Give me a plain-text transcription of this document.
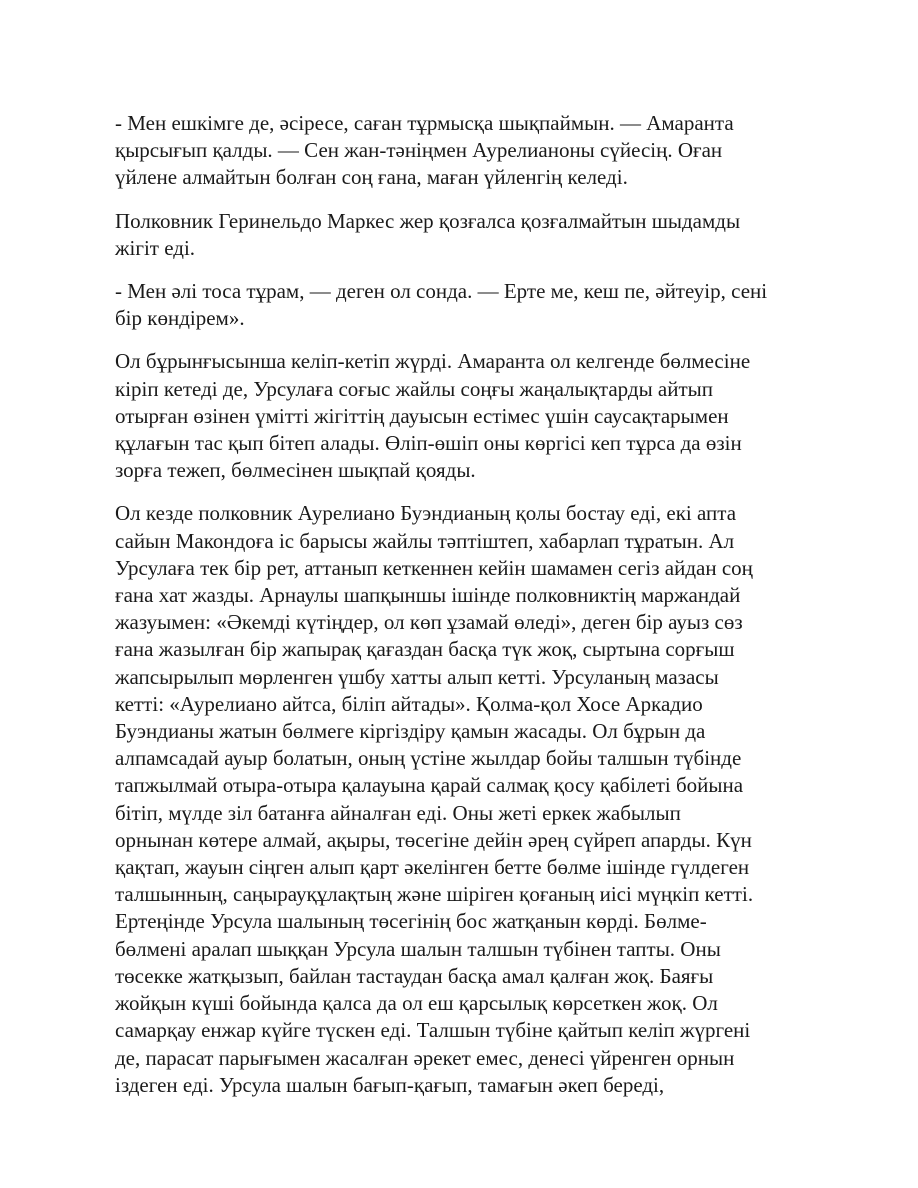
- Мен ешкімге де, әсіресе, саған тұрмысқа шықпаймын. — Амаранта
қырсығып қалды. — Сен жан-тәніңмен Аурелианоны сүйесің. Оған
үйлене алмайтын болған соң ғана, маған үйленгің келеді.

Полковник Геринельдо Маркес жер қозғалса қозғалмайтын шыдамды
жігіт еді.

- Мен әлі тоса тұрам, — деген ол сонда. — Ерте ме, кеш пе, әйтеуір, сені
бір көндірем».

Ол бұрынғысынша келіп-кетіп жүрді. Амаранта ол келгенде бөлмесіне
кіріп кетеді де, Урсулаға соғыс жайлы соңғы жаңалықтарды айтып
отырған өзінен үмітті жігіттің дауысын естімес үшін саусақтарымен
құлағын тас қып бітеп алады. Өліп-өшіп оны көргісі кеп тұрса да өзін
зорға тежеп, бөлмесінен шықпай қояды.

Ол кезде полковник Аурелиано Буэндианың қолы бостау еді, екі апта
сайын Макондоға іс барысы жайлы тәптіштеп, хабарлап тұратын. Ал
Урсулаға тек бір рет, аттанып кеткеннен кейін шамамен сегіз айдан соң
ғана хат жазды. Арнаулы шапқыншы ішінде полковниктің маржандай
жазуымен: «Әкемді күтіңдер, ол көп ұзамай өледі», деген бір ауыз сөз
ғана жазылған бір жапырақ қағаздан басқа түк жоқ, сыртына сорғыш
жапсырылып мөрленген үшбу хатты алып кетті. Урсуланың мазасы
кетті: «Аурелиано айтса, біліп айтады». Қолма-қол Хосе Аркадио
Буэндианы жатын бөлмеге кіргіздіру қамын жасады. Ол бұрын да
алпамсадай ауыр болатын, оның үстіне жылдар бойы талшын түбінде
тапжылмай отыра-отыра қалауына қарай салмақ қосу қабілеті бойына
бітіп, мүлде зіл батанға айналған еді. Оны жеті еркек жабылып
орнынан көтере алмай, ақыры, төсегіне дейін әрең сүйреп апарды. Күн
қақтап, жауын сіңген алып қарт әкелінген бетте бөлме ішінде гүлдеген
талшынның, саңырауқұлақтың және шіріген қоғаның иісі мүңкіп кетті.
Ертеңінде Урсула шалының төсегінің бос жатқанын көрді. Бөлме-
бөлмені аралап шыққан Урсула шалын талшын түбінен тапты. Оны
төсекке жатқызып, байлан тастаудан басқа амал қалған жоқ. Баяғы
жойқын күші бойында қалса да ол еш қарсылық көрсеткен жоқ. Ол
самарқау енжар күйге түскен еді. Талшын түбіне қайтып келіп жүргені
де, парасат парығымен жасалған әрекет емес, денесі үйренген орнын
іздеген еді. Урсула шалын бағып-қағып, тамағын әкеп береді,
